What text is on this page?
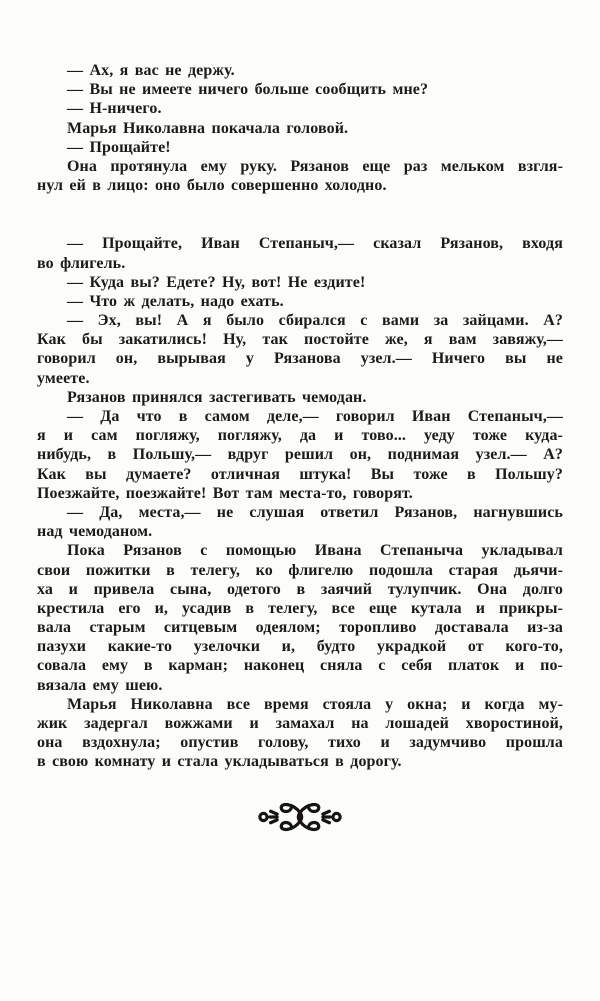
— Ах, я вас не держу.
— Вы не имеете ничего больше сообщить мне?
— Н-ничего.
Марья Николавна покачала головой.
— Прощайте!
Она протянула ему руку. Рязанов еще раз мельком взгля-
нул ей в лицо: оно было совершенно холодно.
— Прощайте, Иван Степаныч,— сказал Рязанов, входя
во флигель.
— Куда вы? Едете? Ну, вот! Не ездите!
— Что ж делать, надо ехать.
— Эх, вы! А я было сбирался с вами за зайцами. А?
Как бы закатились! Ну, так постойте же, я вам завяжу,—
говорил он, вырывая у Рязанова узел.— Ничего вы не
умеете.
Рязанов принялся застегивать чемодан.
— Да что в самом деле,— говорил Иван Степаныч,—
я и сам погляжу, погляжу, да и тово... уеду тоже куда-
нибудь, в Польшу,— вдруг решил он, поднимая узел.— А?
Как вы думаете? отличная штука! Вы тоже в Польшу?
Поезжайте, поезжайте! Вот там места-то, говорят.
— Да, места,— не слушая ответил Рязанов, нагнувшись
над чемоданом.
Пока Рязанов с помощью Ивана Степаныча укладывал
свои пожитки в телегу, ко флигелю подошла старая дьячи-
ха и привела сына, одетого в заячий тулупчик. Она долго
крестила его и, усадив в телегу, все еще кутала и прикры-
вала старым ситцевым одеялом; торопливо доставала из-за
пазухи какие-то узелочки и, будто украдкой от кого-то,
совала ему в карман; наконец сняла с себя платок и по-
вязала ему шею.
Марья Николавна все время стояла у окна; и когда му-
жик задергал вожжами и замахал на лошадей хворостиной,
она вздохнула; опустив голову, тихо и задумчиво прошла
в свою комнату и стала укладываться в дорогу.
